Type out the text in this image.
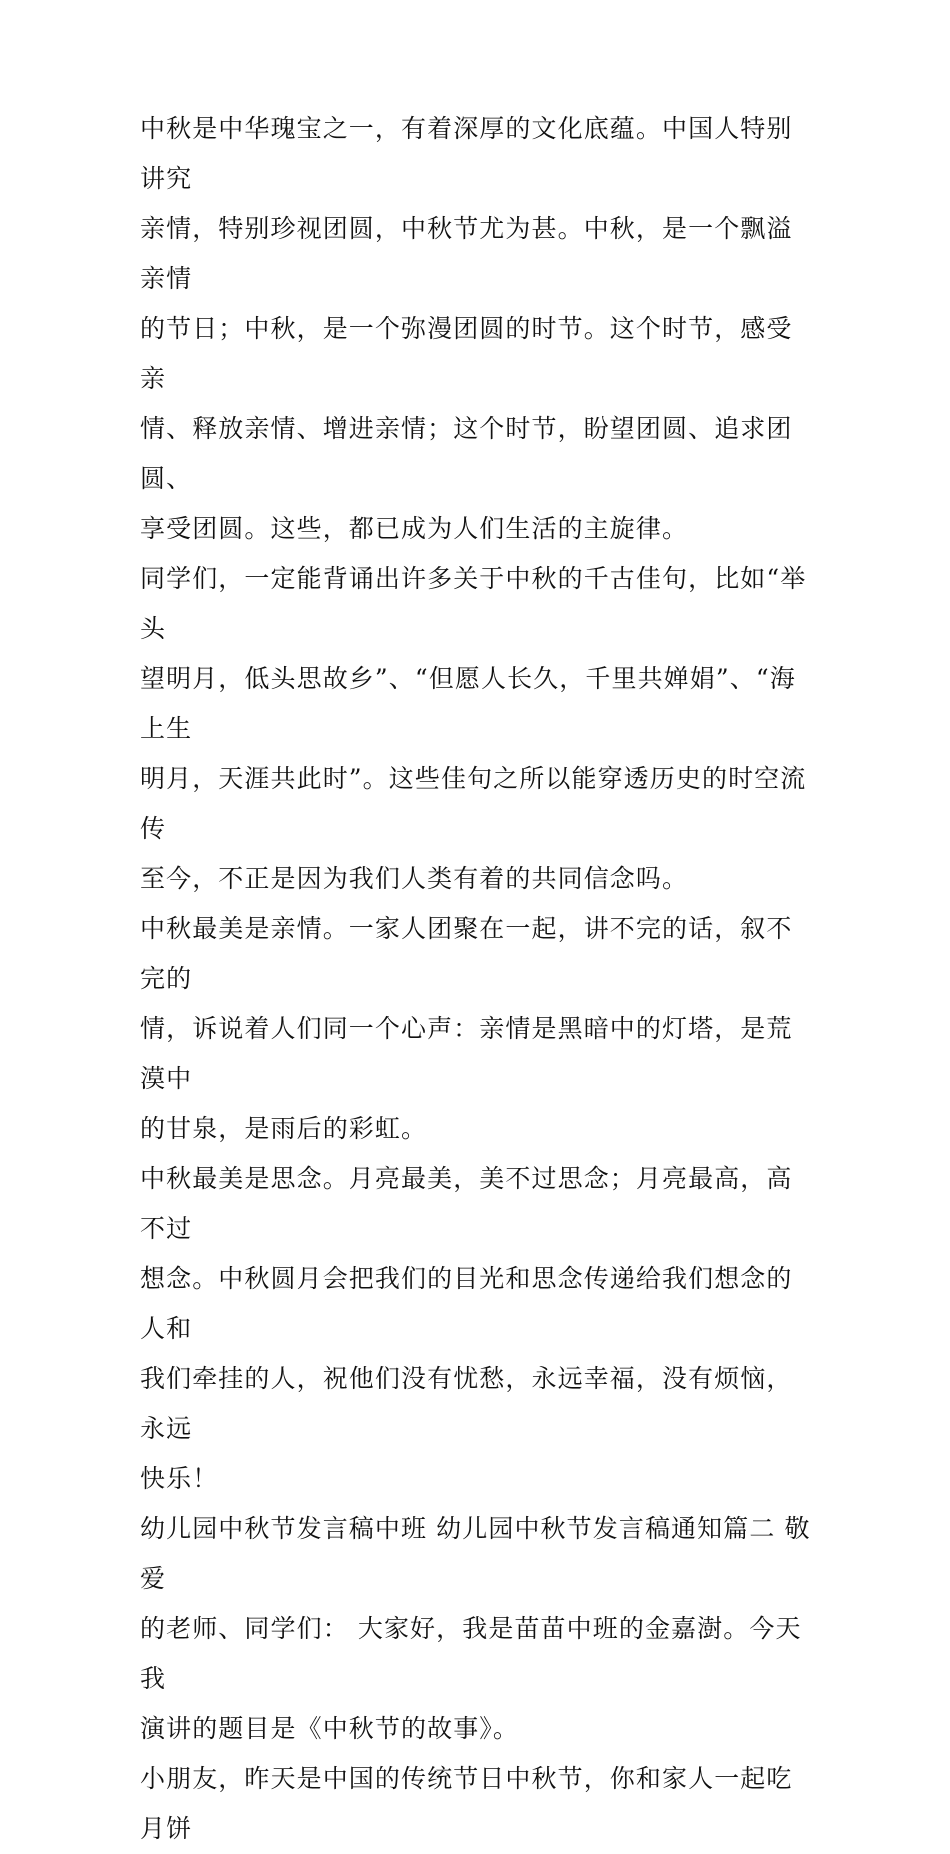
中秋是中华瑰宝之一，有着深厚的文化底蕴。中国人特别讲究
亲情，特别珍视团圆，中秋节尤为甚。中秋，是一个飘溢亲情
的节日；中秋，是一个弥漫团圆的时节。这个时节，感受亲
情、释放亲情、增进亲情；这个时节，盼望团圆、追求团圆、
享受团圆。这些，都已成为人们生活的主旋律。
同学们，一定能背诵出许多关于中秋的千古佳句，比如“举头
望明月，低头思故乡”、“但愿人长久，千里共婵娟”、“海上生
明月，天涯共此时”。这些佳句之所以能穿透历史的时空流传
至今，不正是因为我们人类有着的共同信念吗。
中秋最美是亲情。一家人团聚在一起，讲不完的话，叙不完的
情，诉说着人们同一个心声：亲情是黑暗中的灯塔，是荒漠中
的甘泉，是雨后的彩虹。
中秋最美是思念。月亮最美，美不过思念；月亮最高，高不过
想念。中秋圆月会把我们的目光和思念传递给我们想念的人和
我们牵挂的人，祝他们没有忧愁，永远幸福，没有烦恼，永远
快乐！
幼儿园中秋节发言稿中班 幼儿园中秋节发言稿通知篇二 敬爱
的老师、同学们： 大家好，我是苗苗中班的金嘉澍。今天我
演讲的题目是《中秋节的故事》。
小朋友，昨天是中国的传统节日中秋节，你和家人一起吃月饼
